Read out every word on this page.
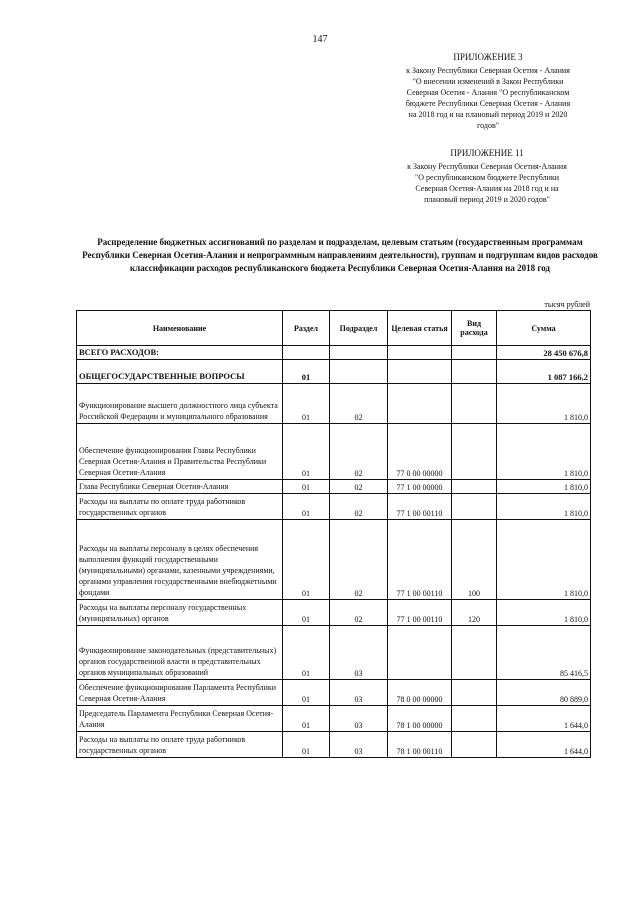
147
ПРИЛОЖЕНИЕ 3
к Закону Республики Северная Осетия - Алания
"О внесении изменений в Закон Республики
Северная Осетия - Алания "О республиканском
бюджете Республики Северная Осетия - Алания
на 2018 год и на плановый период 2019 и 2020
годов"
ПРИЛОЖЕНИЕ 11
к Закону Республики Северная Осетия-Алания
"О республиканском бюджете Республики
Северная Осетия-Алания на 2018 год и на
плановый период 2019 и 2020 годов"
Распределение бюджетных ассигнований по разделам и подразделам, целевым статьям (государственным программам Республики Северная Осетия-Алания и непрограммным направлениям деятельности), группам и подгруппам видов расходов классификации расходов республиканского бюджета Республики Северная Осетия-Алания на 2018 год
тысяч рублей
Наименование	Раздел	Подраздел	Целевая статья	Вид расхода	Сумма
ВСЕГО РАСХОДОВ:					28 450 676,8
ОБЩЕГОСУДАРСТВЕННЫЕ ВОПРОСЫ	01				1 087 166,2
Функционирование высшего должностного лица субъекта Российской Федерации и муниципального образования	01	02			1 810,0
Обеспечение функционирования Главы Республики Северная Осетия-Алания и Правительства Республики Северная Осетия-Алания	01	02	77 0 00 00000		1 810,0
Глава Республики Северная Осетия-Алания	01	02	77 1 00 00000		1 810,0
Расходы на выплаты по оплате труда работников государственных органов	01	02	77 1 00 00110		1 810,0
Расходы на выплаты персоналу в целях обеспечения выполнения функций государственными (муниципальными) органами, казенными учреждениями, органами управления государственными внебюджетными фондами	01	02	77 1 00 00110	100	1 810,0
Расходы на выплаты персоналу государственных (муниципальных) органов	01	02	77 1 00 00110	120	1 810,0
Функционирование законодательных (представительных) органов государственной власти и представительных органов муниципальных образований	01	03			85 416,5
Обеспечение функционирования Парламента Республики Северная Осетия-Алания	01	03	78 0 00 00000		80 889,0
Председатель Парламента Республики Северная Осетия-Алания	01	03	78 1 00 00000		1 644,0
Расходы на выплаты по оплате труда работников государственных органов	01	03	78 1 00 00110		1 644,0
